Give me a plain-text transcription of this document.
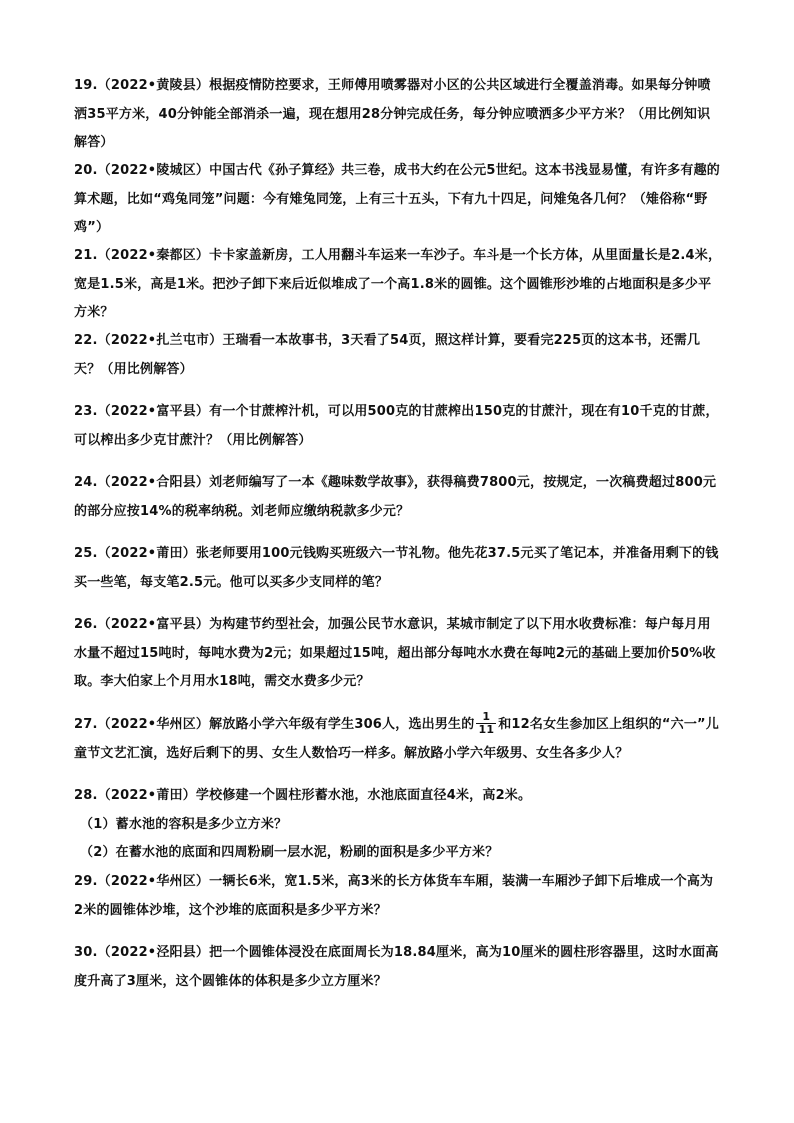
19.（2022•黄陵县）根据疫情防控要求，王师傅用喷雾器对小区的公共区域进行全覆盖消毒。如果每分钟喷洒35平方米，40分钟能全部消杀一遍，现在想用28分钟完成任务，每分钟应喷洒多少平方米？（用比例知识解答）

20.（2022•陵城区）中国古代《孙子算经》共三卷，成书大约在公元5世纪。这本书浅显易懂，有许多有趣的算术题，比如“鸡兔同笼”问题：今有雉兔同笼，上有三十五头，下有九十四足，问雉兔各几何？（雉俗称“野鸡”）

21.（2022•秦都区）卡卡家盖新房，工人用翻斗车运来一车沙子。车斗是一个长方体，从里面量长是2.4米，宽是1.5米，高是1米。把沙子卸下来后近似堆成了一个高1.8米的圆锥。这个圆锥形沙堆的占地面积是多少平方米？

22.（2022•扎兰屯市）王瑞看一本故事书，3天看了54页，照这样计算，要看完225页的这本书，还需几天？（用比例解答）

23.（2022•富平县）有一个甘蔗榨汁机，可以用500克的甘蔗榨出150克的甘蔗汁，现在有10千克的甘蔗，可以榨出多少克甘蔗汁？（用比例解答）

24.（2022•合阳县）刘老师编写了一本《趣味数学故事》，获得稿费7800元，按规定，一次稿费超过800元的部分应按14%的税率纳税。刘老师应缴纳税款多少元？

25.（2022•莆田）张老师要用100元钱购买班级六一节礼物。他先花37.5元买了笔记本，并准备用剩下的钱买一些笔，每支笔2.5元。他可以买多少支同样的笔？

26.（2022•富平县）为构建节约型社会，加强公民节水意识，某城市制定了以下用水收费标准：每户每月用水量不超过15吨时，每吨水费为2元；如果超过15吨，超出部分每吨水水费在每吨2元的基础上要加价50%收取。李大伯家上个月用水18吨，需交水费多少元？

27.（2022•华州区）解放路小学六年级有学生306人，选出男生的 $\frac{1}{11}$ 和12名女生参加区上组织的“六一”儿童节文艺汇演，选好后剩下的男、女生人数恰巧一样多。解放路小学六年级男、女生各多少人？

28.（2022•莆田）学校修建一个圆柱形蓄水池，水池底面直径4米，高2米。

（1）蓄水池的容积是多少立方米？

（2）在蓄水池的底面和四周粉刷一层水泥，粉刷的面积是多少平方米？

29.（2022•华州区）一辆长6米，宽1.5米，高3米的长方体货车车厢，装满一车厢沙子卸下后堆成一个高为2米的圆锥体沙堆，这个沙堆的底面积是多少平方米？

30.（2022•泾阳县）把一个圆锥体浸没在底面周长为18.84厘米，高为10厘米的圆柱形容器里，这时水面高度升高了3厘米，这个圆锥体的体积是多少立方厘米？
